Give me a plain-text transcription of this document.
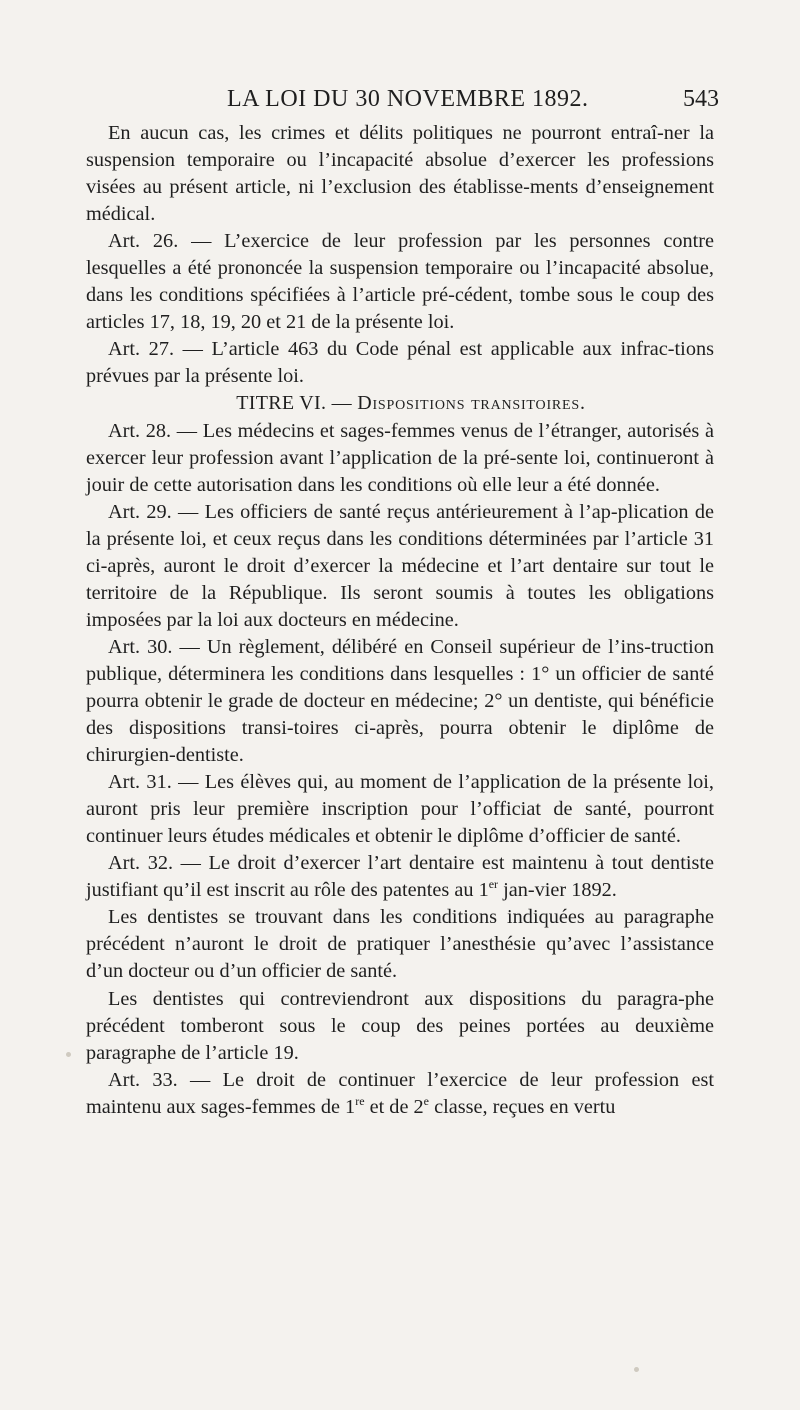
LA LOI DU 30 NOVEMBRE 1892.	543

En aucun cas, les crimes et délits politiques ne pourront entraî-ner la suspension temporaire ou l’incapacité absolue d’exercer les professions visées au présent article, ni l’exclusion des établisse-ments d’enseignement médical.

Art. 26. — L’exercice de leur profession par les personnes contre lesquelles a été prononcée la suspension temporaire ou l’incapacité absolue, dans les conditions spécifiées à l’article pré-cédent, tombe sous le coup des articles 17, 18, 19, 20 et 21 de la présente loi.

Art. 27. — L’article 463 du Code pénal est applicable aux infrac-tions prévues par la présente loi.

TITRE VI. — Dispositions transitoires.

Art. 28. — Les médecins et sages-femmes venus de l’étranger, autorisés à exercer leur profession avant l’application de la pré-sente loi, continueront à jouir de cette autorisation dans les conditions où elle leur a été donnée.

Art. 29. — Les officiers de santé reçus antérieurement à l’ap-plication de la présente loi, et ceux reçus dans les conditions déterminées par l’article 31 ci-après, auront le droit d’exercer la médecine et l’art dentaire sur tout le territoire de la République. Ils seront soumis à toutes les obligations imposées par la loi aux docteurs en médecine.

Art. 30. — Un règlement, délibéré en Conseil supérieur de l’ins-truction publique, déterminera les conditions dans lesquelles : 1° un officier de santé pourra obtenir le grade de docteur en médecine; 2° un dentiste, qui bénéficie des dispositions transi-toires ci-après, pourra obtenir le diplôme de chirurgien-dentiste.

Art. 31. — Les élèves qui, au moment de l’application de la présente loi, auront pris leur première inscription pour l’officiat de santé, pourront continuer leurs études médicales et obtenir le diplôme d’officier de santé.

Art. 32. — Le droit d’exercer l’art dentaire est maintenu à tout dentiste justifiant qu’il est inscrit au rôle des patentes au 1er jan-vier 1892.

Les dentistes se trouvant dans les conditions indiquées au paragraphe précédent n’auront le droit de pratiquer l’anesthésie qu’avec l’assistance d’un docteur ou d’un officier de santé.

Les dentistes qui contreviendront aux dispositions du paragra-phe précédent tomberont sous le coup des peines portées au deuxième paragraphe de l’article 19.

Art. 33. — Le droit de continuer l’exercice de leur profession est maintenu aux sages-femmes de 1re et de 2e classe, reçues en vertu
